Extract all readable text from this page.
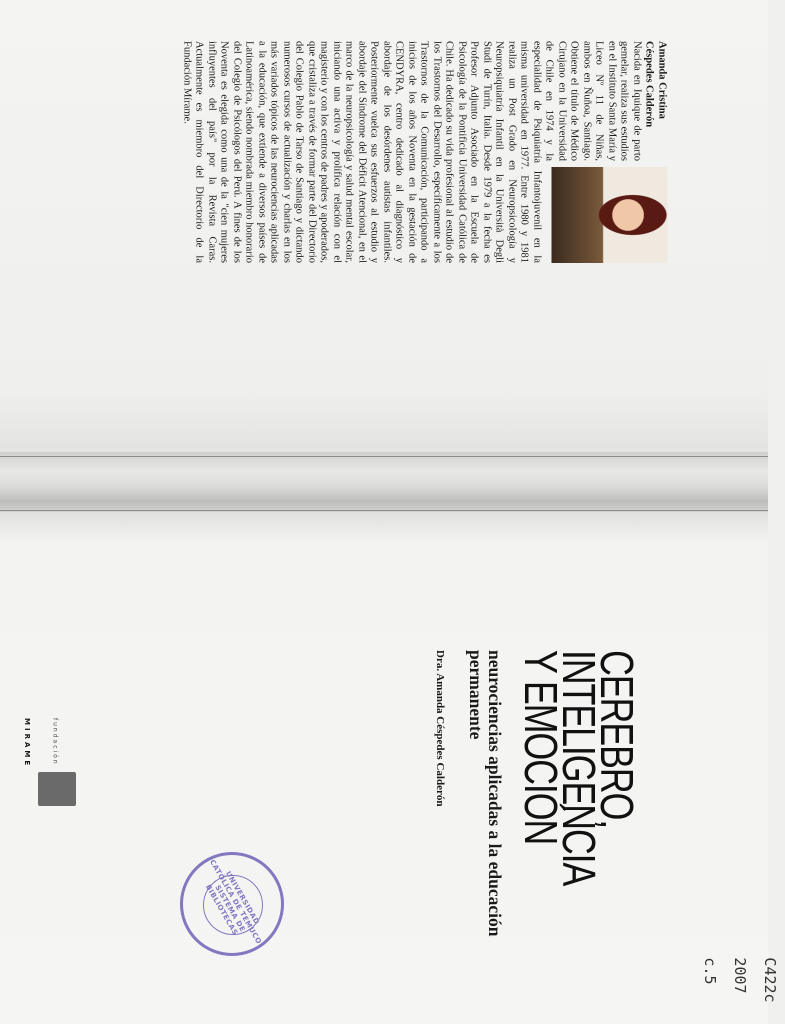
Amanda Cristina Céspedes Calderón

Nacida en Iquique de parto gemelar, realiza sus estudios en el Instituto Santa María y Liceo Nº 11 de Niñas, ambos en Ñuñoa, Santiago. Obtiene el título de Médico Cirujano en la Universidad de Chile en 1974 y la especialidad de Psiquiatría Infantojuvenil en la misma universidad en 1977. Entre 1980 y 1981 realiza un Post Grado en Neuropsicología y Neuropsiquiatría Infantil en la Università Degli Studi de Turín, Italia. Desde 1979 a la fecha es Profesor Adjunto Asociado en la Escuela de Psicología de la Pontificia Universidad Católica de Chile. Ha dedicado su vida profesional al estudio de los Trastornos del Desarrollo, específicamente a los Trastornos de la Comunicación, participando a inicios de los años Noventa en la gestación de CENDYRA, centro dedicado al diagnóstico y abordaje de los desórdenes autistas infantiles. Posteriormente vuelca sus esfuerzos al estudio y abordaje del Síndrome del Déficit Atencional, en el marco de la neuropsicología y salud mental escolar, iniciando una activa y prolífica relación con el magisterio y con los centros de padres y apoderados, que cristaliza a través de formar parte del Directorio del Colegio Pablo de Tarso de Santiago y dictando numerosos cursos de actualización y charlas en los más variados tópicos de las neurociencias aplicadas a la educación, que extiende a diversos países de Latinoamérica, siendo nombrada miembro honorario del Colegio de Psicólogos del Perú. A fines de los Noventa es elegida como una de la "cien mujeres influyentes del país" por la Revista Caras. Actualmente es miembro del Directorio de la Fundación Mírame.

CEREBRO,
INTELIGENCIA
Y EMOCIÓN
neurociencias aplicadas a la educación permanente
Dra. Amanda Céspedes Calderón
fundación  MIRAME
UNIVERSIDAD CATÓLICA DE TEMUCO · SISTEMA DE BIBLIOTECAS
C422c
2007
c.5
